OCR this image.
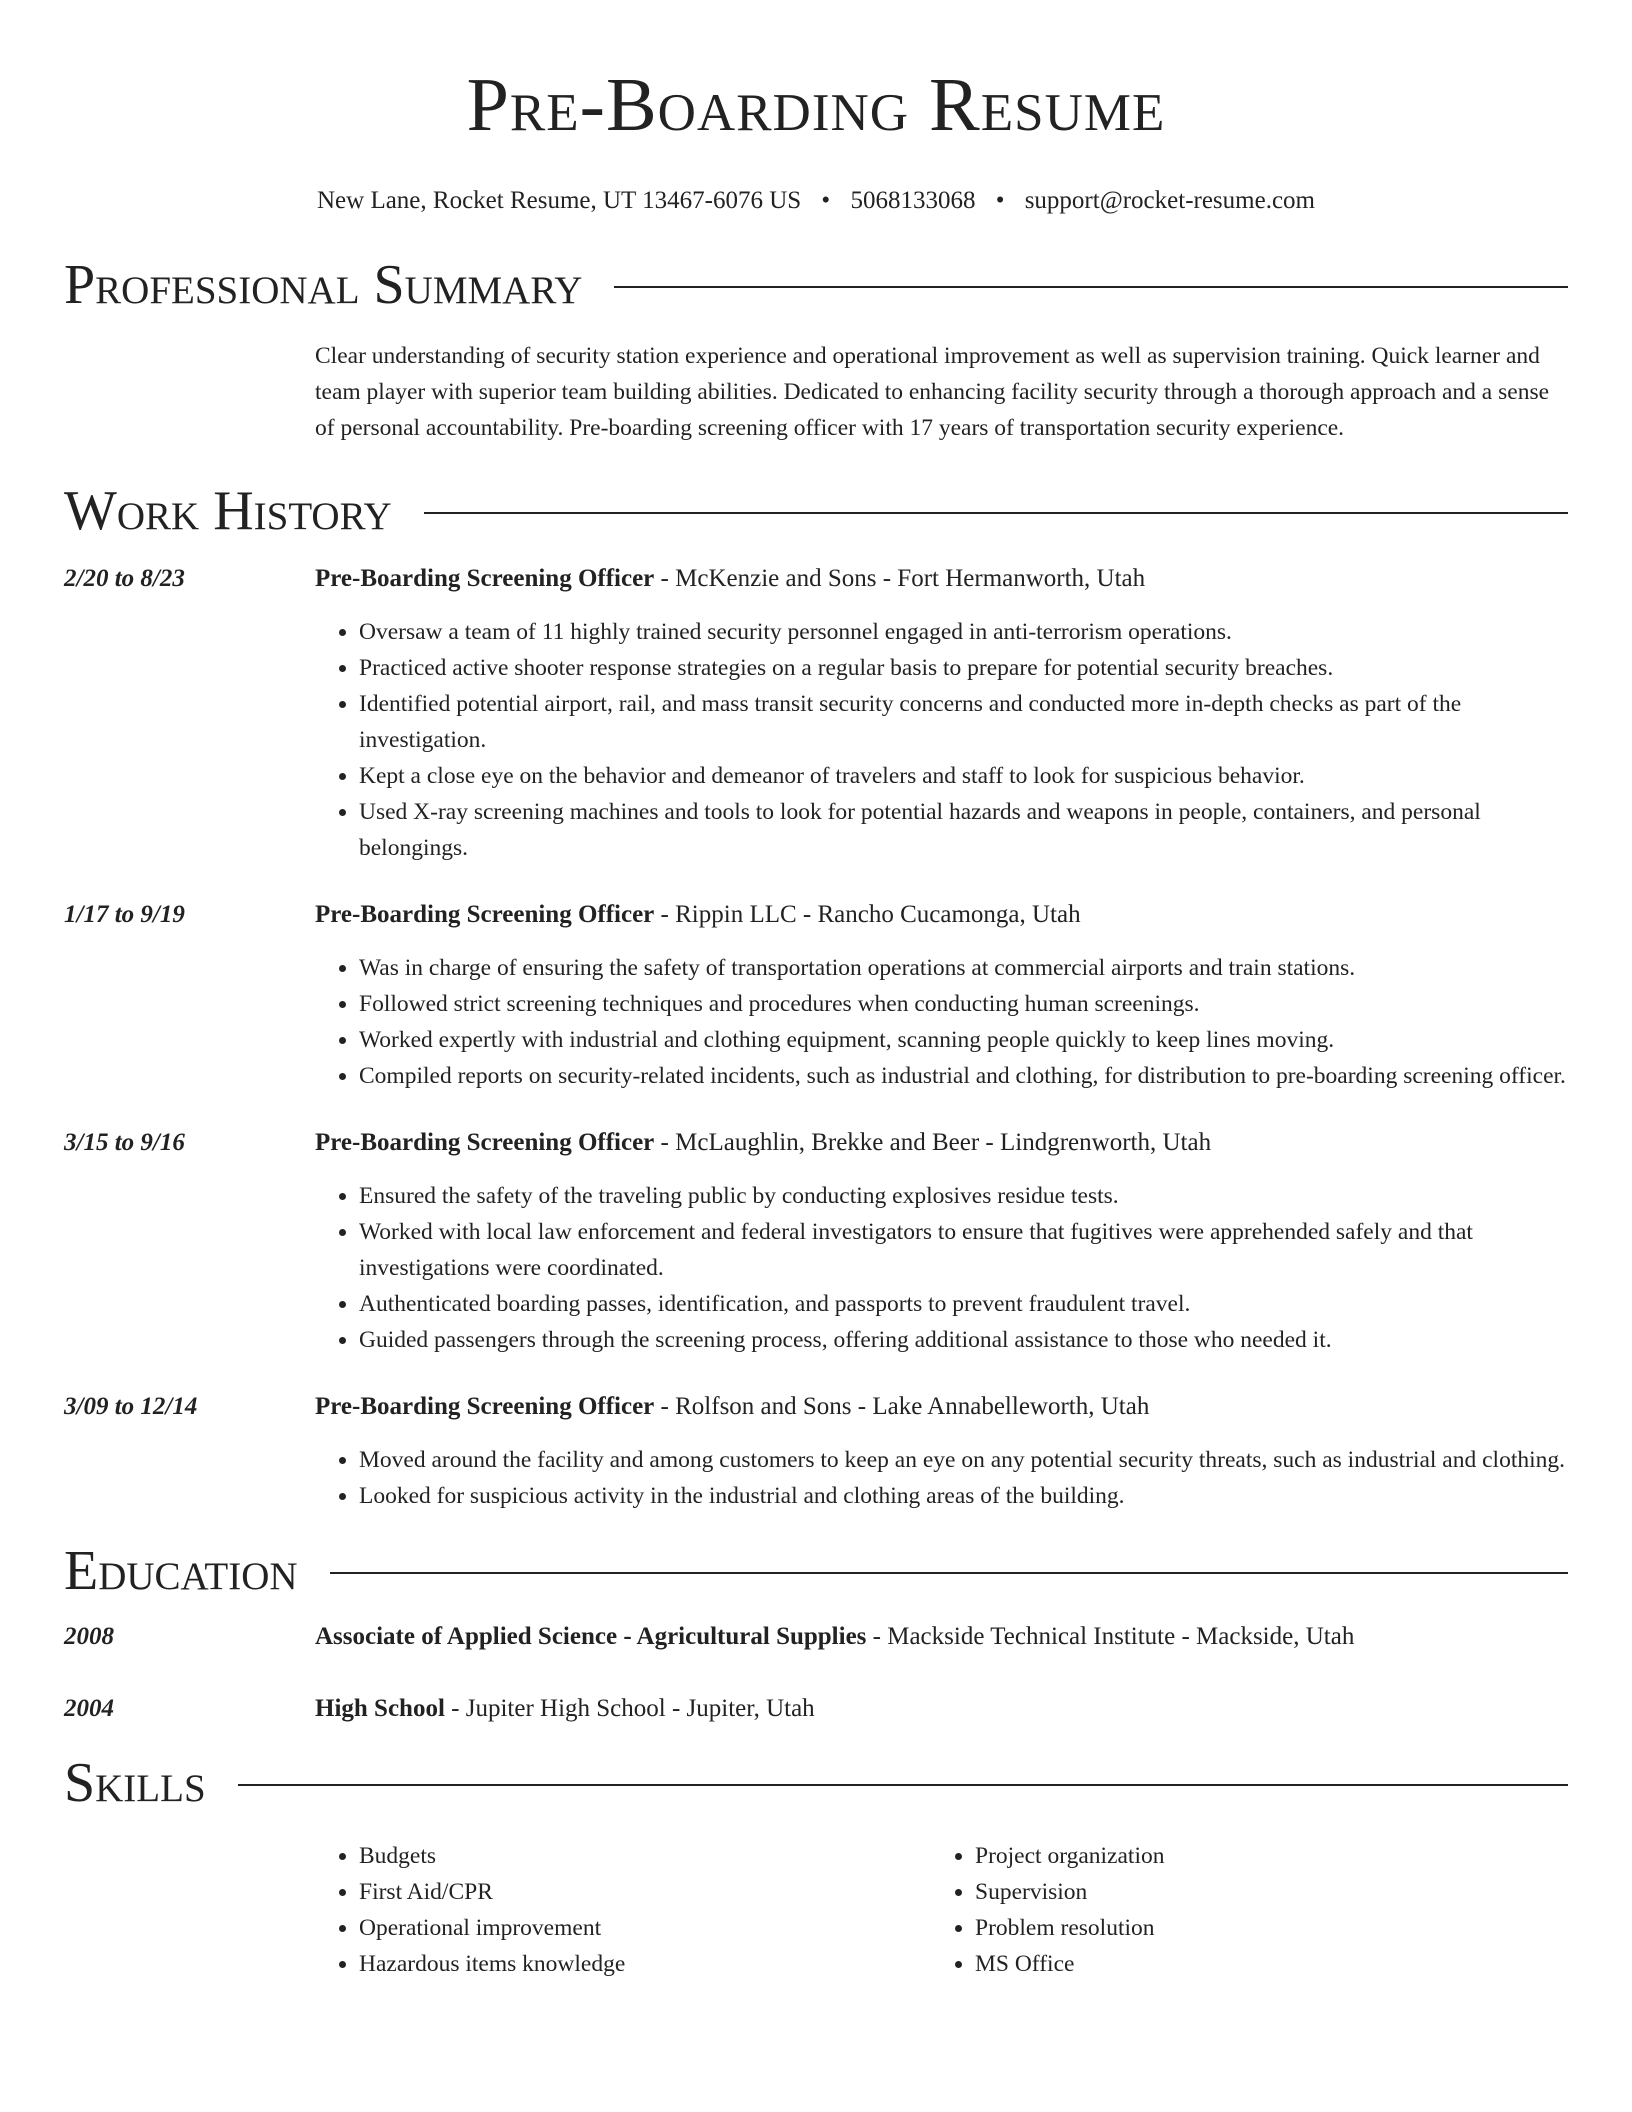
Pre-Boarding Resume
New Lane, Rocket Resume, UT 13467-6076 US • 5068133068 • support@rocket-resume.com
Professional Summary
Clear understanding of security station experience and operational improvement as well as supervision training. Quick learner and team player with superior team building abilities. Dedicated to enhancing facility security through a thorough approach and a sense of personal accountability. Pre-boarding screening officer with 17 years of transportation security experience.
Work History
2/20 to 8/23	Pre-Boarding Screening Officer - McKenzie and Sons - Fort Hermanworth, Utah
• Oversaw a team of 11 highly trained security personnel engaged in anti-terrorism operations.
• Practiced active shooter response strategies on a regular basis to prepare for potential security breaches.
• Identified potential airport, rail, and mass transit security concerns and conducted more in-depth checks as part of the investigation.
• Kept a close eye on the behavior and demeanor of travelers and staff to look for suspicious behavior.
• Used X-ray screening machines and tools to look for potential hazards and weapons in people, containers, and personal belongings.
1/17 to 9/19	Pre-Boarding Screening Officer - Rippin LLC - Rancho Cucamonga, Utah
• Was in charge of ensuring the safety of transportation operations at commercial airports and train stations.
• Followed strict screening techniques and procedures when conducting human screenings.
• Worked expertly with industrial and clothing equipment, scanning people quickly to keep lines moving.
• Compiled reports on security-related incidents, such as industrial and clothing, for distribution to pre-boarding screening officer.
3/15 to 9/16	Pre-Boarding Screening Officer - McLaughlin, Brekke and Beer - Lindgrenworth, Utah
• Ensured the safety of the traveling public by conducting explosives residue tests.
• Worked with local law enforcement and federal investigators to ensure that fugitives were apprehended safely and that investigations were coordinated.
• Authenticated boarding passes, identification, and passports to prevent fraudulent travel.
• Guided passengers through the screening process, offering additional assistance to those who needed it.
3/09 to 12/14	Pre-Boarding Screening Officer - Rolfson and Sons - Lake Annabelleworth, Utah
• Moved around the facility and among customers to keep an eye on any potential security threats, such as industrial and clothing.
• Looked for suspicious activity in the industrial and clothing areas of the building.
Education
2008	Associate of Applied Science - Agricultural Supplies - Mackside Technical Institute - Mackside, Utah
2004	High School - Jupiter High School - Jupiter, Utah
Skills
• Budgets
• First Aid/CPR
• Operational improvement
• Hazardous items knowledge
• Project organization
• Supervision
• Problem resolution
• MS Office
